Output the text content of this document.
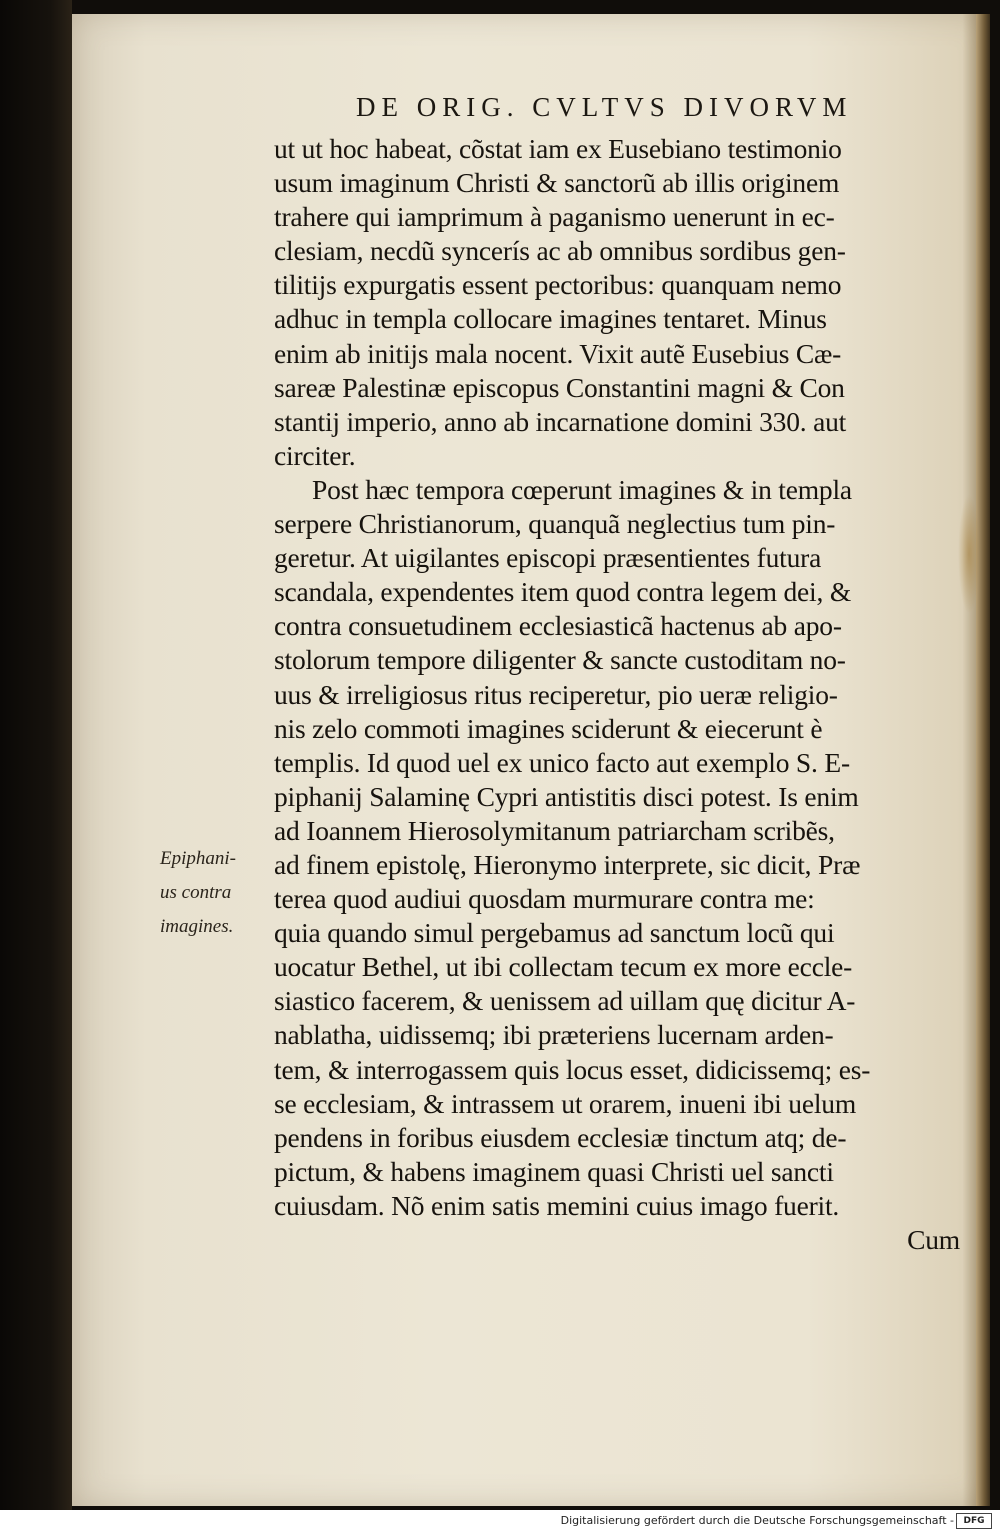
DE ORIG. CVLTVS DIVORVM
Epiphani-
us contra
imagines.
ut ut hoc habeat, cõstat iam ex Eusebiano testimonio
usum imaginum Christi & sanctorũ ab illis originem
trahere qui iamprimum à paganismo uenerunt in ec-
clesiam, necdũ syncerís ac ab omnibus sordibus gen-
tilitijs expurgatis essent pectoribus: quanquam nemo
adhuc in templa collocare imagines tentaret. Minus
enim ab initijs mala nocent. Vixit autẽ Eusebius Cæ-
sareæ Palestinæ episcopus Constantini magni & Con
stantij imperio, anno ab incarnatione domini 330. aut
circiter.
Post hæc tempora cœperunt imagines & in templa
serpere Christianorum, quanquã neglectius tum pin-
geretur. At uigilantes episcopi præsentientes futura
scandala, expendentes item quod contra legem dei, &
contra consuetudinem ecclesiasticã hactenus ab apo-
stolorum tempore diligenter & sancte custoditam no-
uus & irreligiosus ritus reciperetur, pio ueræ religio-
nis zelo commoti imagines sciderunt & eiecerunt è
templis. Id quod uel ex unico facto aut exemplo S. E-
piphanij Salaminę Cypri antistitis disci potest. Is enim
ad Ioannem Hierosolymitanum patriarcham scribẽs,
ad finem epistolę, Hieronymo interprete, sic dicit, Præ
terea quod audiui quosdam murmurare contra me:
quia quando simul pergebamus ad sanctum locũ qui
uocatur Bethel, ut ibi collectam tecum ex more eccle-
siastico facerem, & uenissem ad uillam quę dicitur A-
nablatha, uidissemq; ibi præteriens lucernam arden-
tem, & interrogassem quis locus esset, didicissemq; es-
se ecclesiam, & intrassem ut orarem, inueni ibi uelum
pendens in foribus eiusdem ecclesiæ tinctum atq; de-
pictum, & habens imaginem quasi Christi uel sancti
cuiusdam. Nõ enim satis memini cuius imago fuerit.
Cum
Digitalisierung gefördert durch die Deutsche Forschungsgemeinschaft -	DFG
